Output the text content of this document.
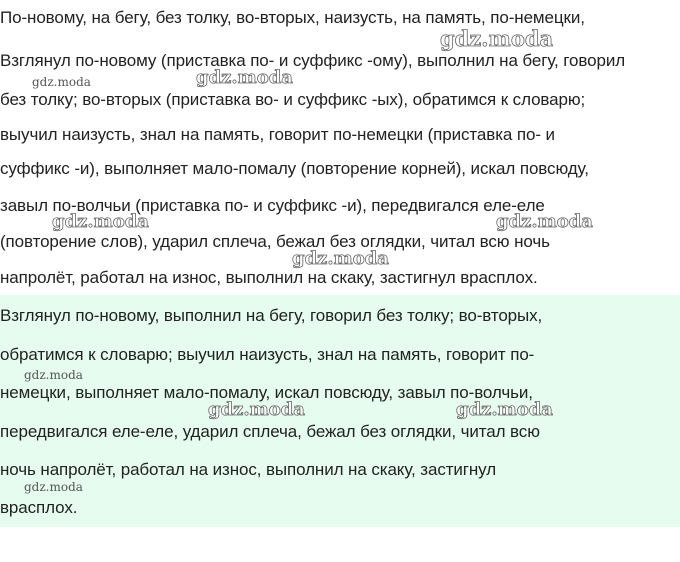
По-новому, на бегу, без толку, во-вторых, наизусть, на память, по-немецки,
Взглянул по-новому (приставка по- и суффикс -ому), выполнил на бегу, говорил
без толку; во-вторых (приставка во- и суффикс -ых), обратимся к словарю;
выучил наизусть, знал на память, говорит по-немецки (приставка по- и
суффикс -и), выполняет мало-помалу (повторение корней), искал повсюду,
завыл по-волчьи (приставка по- и суффикс -и), передвигался еле-еле
(повторение слов), ударил сплеча, бежал без оглядки, читал всю ночь
напролёт, работал на износ, выполнил на скаку, застигнул врасплох.
Взглянул по-новому, выполнил на бегу, говорил без толку; во-вторых,
обратимся к словарю; выучил наизусть, знал на память, говорит по-
немецки, выполняет мало-помалу, искал повсюду, завыл по-волчьи,
передвигался еле-еле, ударил сплеча, бежал без оглядки, читал всю
ночь напролёт, работал на износ, выполнил на скаку, застигнул
врасплох.
gdz.moda
gdz.moda
gdz.moda
gdz.moda	gdz.moda
gdz.moda
gdz.moda
gdz.moda	gdz.moda
gdz.moda
